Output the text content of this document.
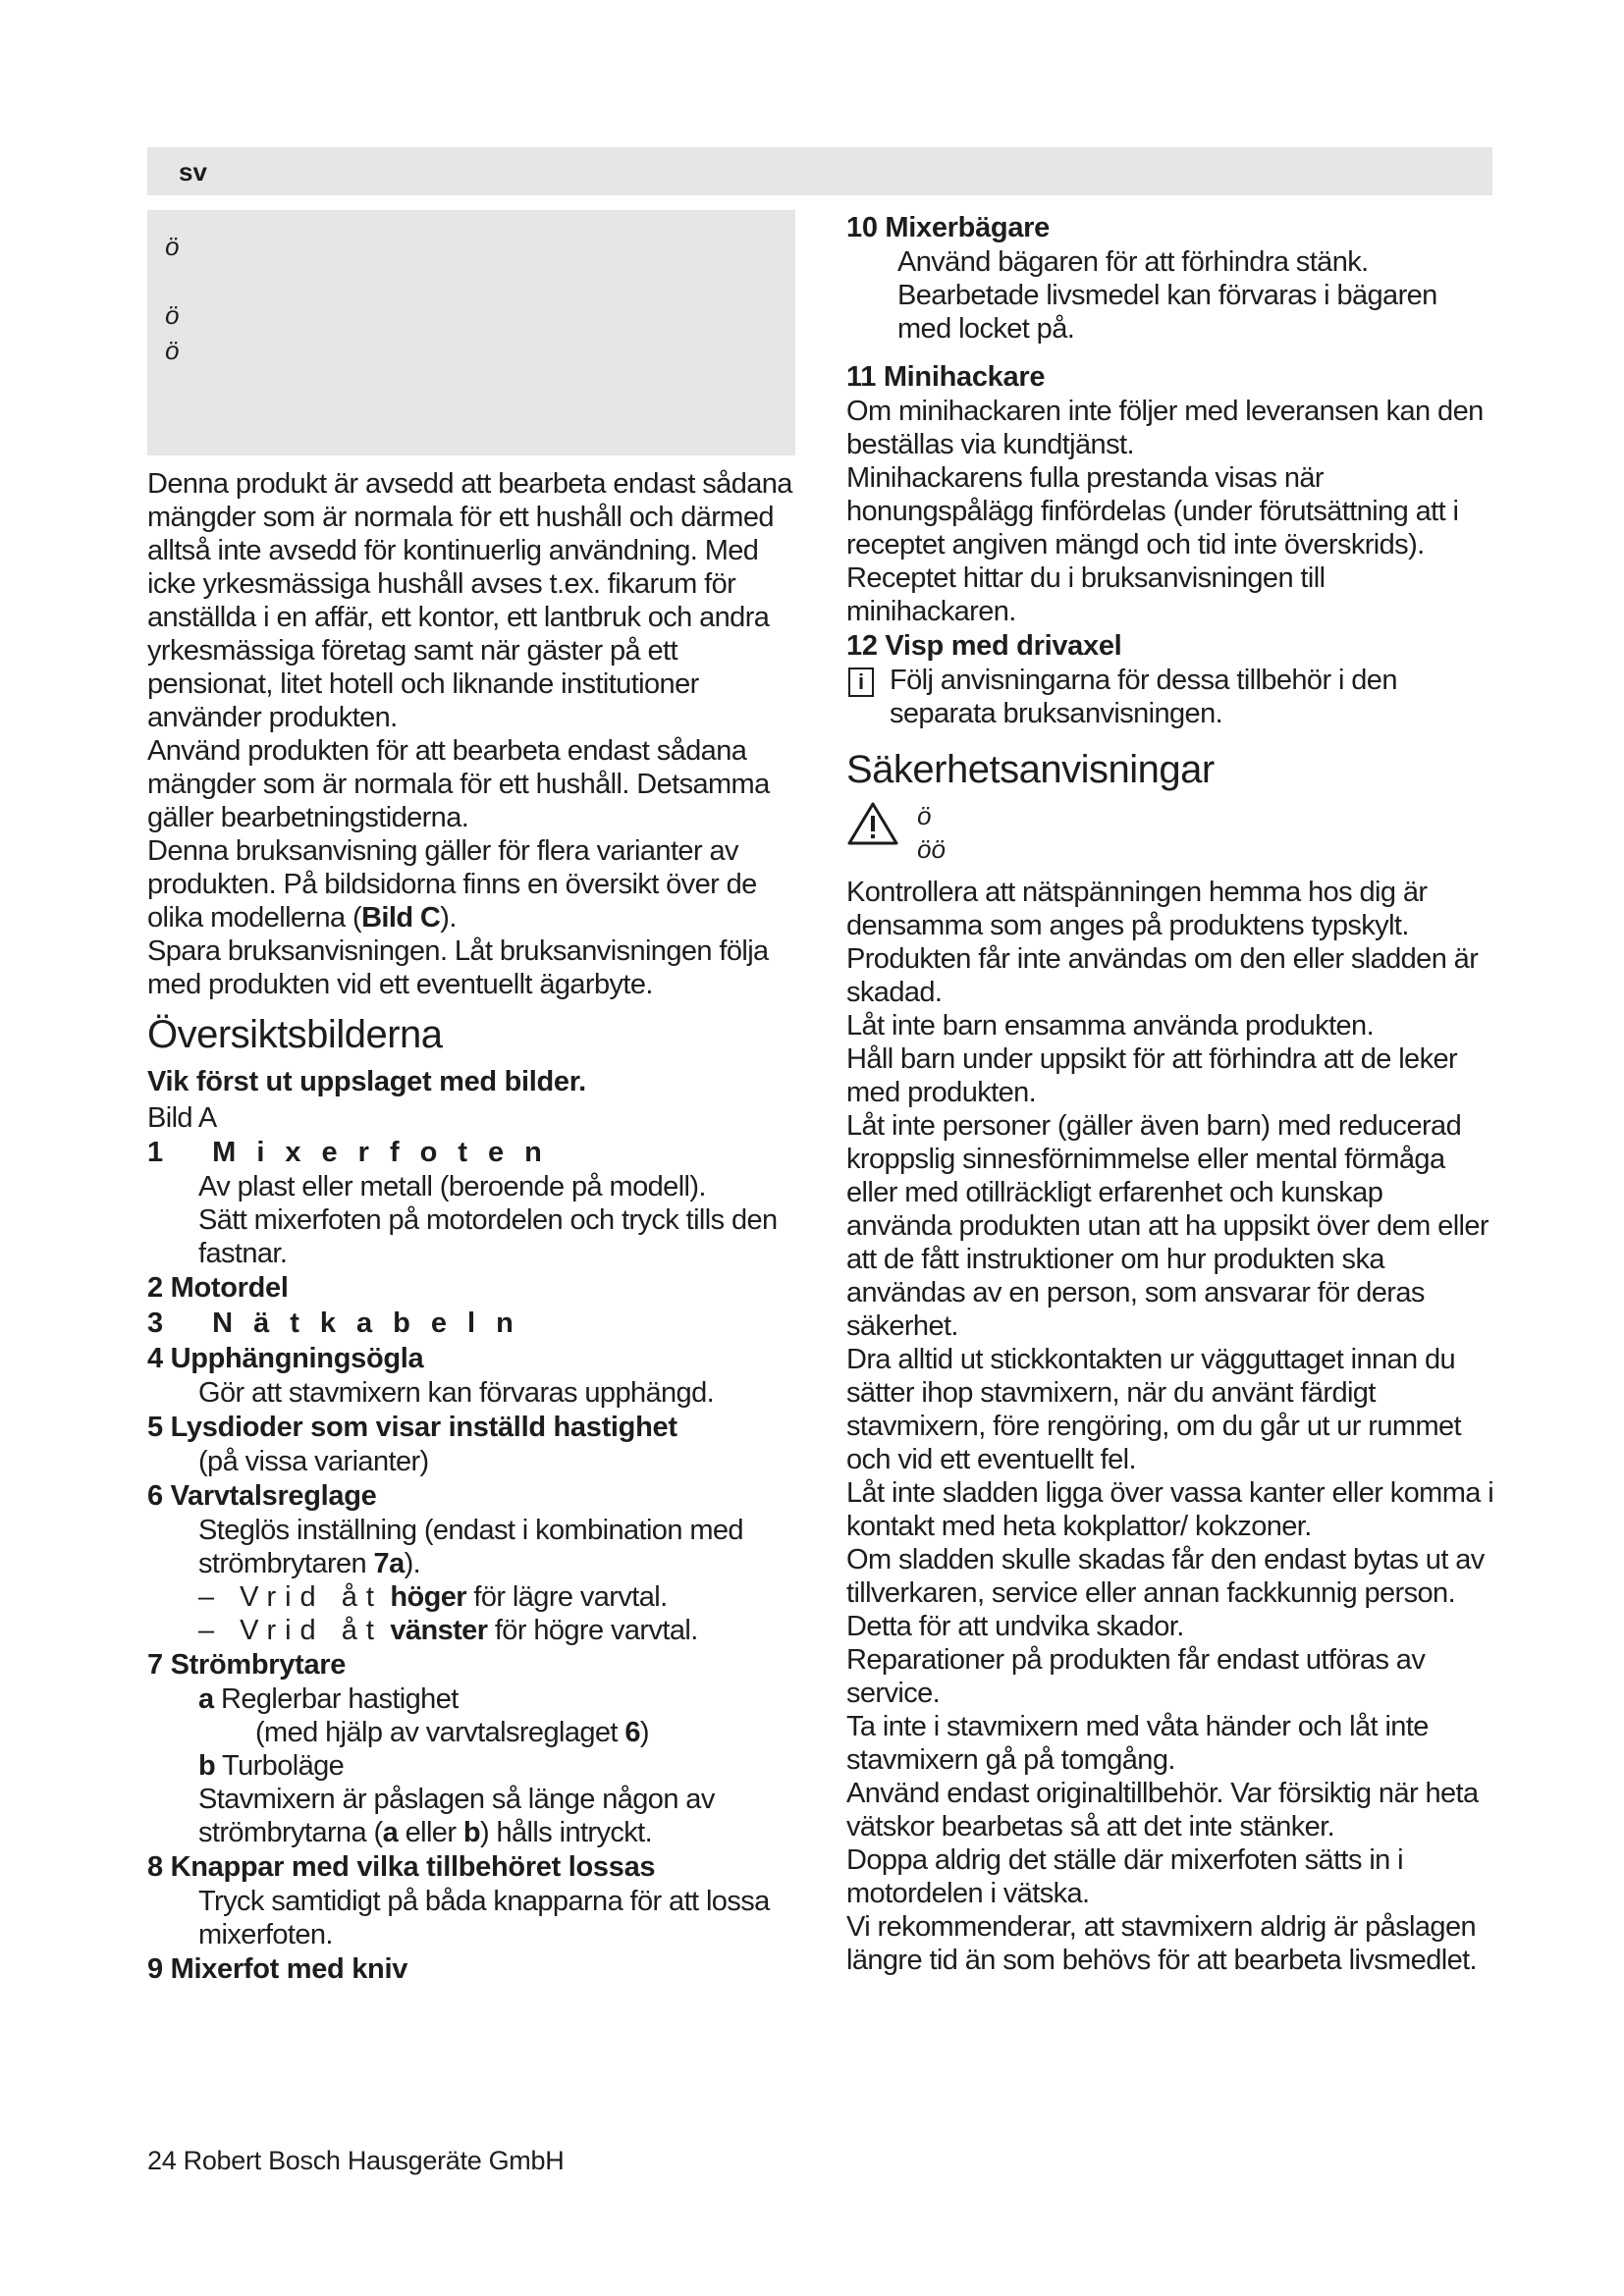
sv
ö
ö
ö

Denna produkt är avsedd att bearbeta endast sådana mängder som är normala för ett hushåll och därmed alltså inte avsedd för kontinuerlig användning. Med icke yrkesmässiga hushåll avses t.ex. fikarum för anställda i en affär, ett kontor, ett lantbruk och andra yrkesmässiga företag samt när gäster på ett pensionat, litet hotell och liknande institutioner använder produkten.

Använd produkten för att bearbeta endast sådana mängder som är normala för ett hushåll. Detsamma gäller bearbetningstiderna.

Denna bruksanvisning gäller för flera varianter av produkten. På bildsidorna finns en översikt över de olika modellerna (Bild C).

Spara bruksanvisningen. Låt bruksanvisningen följa med produkten vid ett eventuellt ägarbyte.

Översiktsbilderna
Vik först ut uppslaget med bilder.

Bild A

1 Mixerfoten

Av plast eller metall (beroende på modell).

Sätt mixerfoten på motordelen och tryck tills den fastnar.

2 Motordel
3 Nätkabeln
4 Upphängningsögla

Gör att stavmixern kan förvaras upphängd.

5 Lysdioder som visar inställd hastighet

(på vissa varianter)

6 Varvtalsreglage

Steglös inställning (endast i kombination med strömbrytaren 7a).

– Vrid åt höger för lägre varvtal.

– Vrid åt vänster för högre varvtal.

7 Strömbrytare

a Reglerbar hastighet

(med hjälp av varvtalsreglaget 6)

b Turboläge

Stavmixern är påslagen så länge någon av strömbrytarna (a eller b) hålls intryckt.

8 Knappar med vilka tillbehöret lossas

Tryck samtidigt på båda knapparna för att lossa mixerfoten.

9 Mixerfot med kniv
10 Mixerbägare

Använd bägaren för att förhindra stänk. Bearbetade livsmedel kan förvaras i bägaren med locket på.

11 Minihackare

Om minihackaren inte följer med leveransen kan den beställas via kundtjänst.

Minihackarens fulla prestanda visas när honungspålägg finfördelas (under förutsättning att i receptet angiven mängd och tid inte överskrids). Receptet hittar du i bruksanvisningen till minihackaren.

12 Visp med drivaxel
i Följ anvisningarna för dessa tillbehör i den separata bruksanvisningen.

Säkerhetsanvisningar
ö
öö

Kontrollera att nätspänningen hemma hos dig är densamma som anges på produktens typskylt.

Produkten får inte användas om den eller sladden är skadad.

Låt inte barn ensamma använda produkten.

Håll barn under uppsikt för att förhindra att de leker med produkten.

Låt inte personer (gäller även barn) med reducerad kroppslig sinnesförnimmelse eller mental förmåga eller med otillräckligt erfarenhet och kunskap använda produkten utan att ha uppsikt över dem eller att de fått instruktioner om hur produkten ska användas av en person, som ansvarar för deras säkerhet.

Dra alltid ut stickkontakten ur vägguttaget innan du sätter ihop stavmixern, när du använt färdigt stavmixern, före rengöring, om du går ut ur rummet och vid ett eventuellt fel.

Låt inte sladden ligga över vassa kanter eller komma i kontakt med heta kokplattor/ kokzoner.

Om sladden skulle skadas får den endast bytas ut av tillverkaren, service eller annan fackkunnig person. Detta för att undvika skador.

Reparationer på produkten får endast utföras av service.

Ta inte i stavmixern med våta händer och låt inte stavmixern gå på tomgång.

Använd endast originaltillbehör. Var försiktig när heta vätskor bearbetas så att det inte stänker.

Doppa aldrig det ställe där mixerfoten sätts in i motordelen i vätska.

Vi rekommenderar, att stavmixern aldrig är påslagen längre tid än som behövs för att bearbeta livsmedlet.

24 Robert Bosch Hausgeräte GmbH
